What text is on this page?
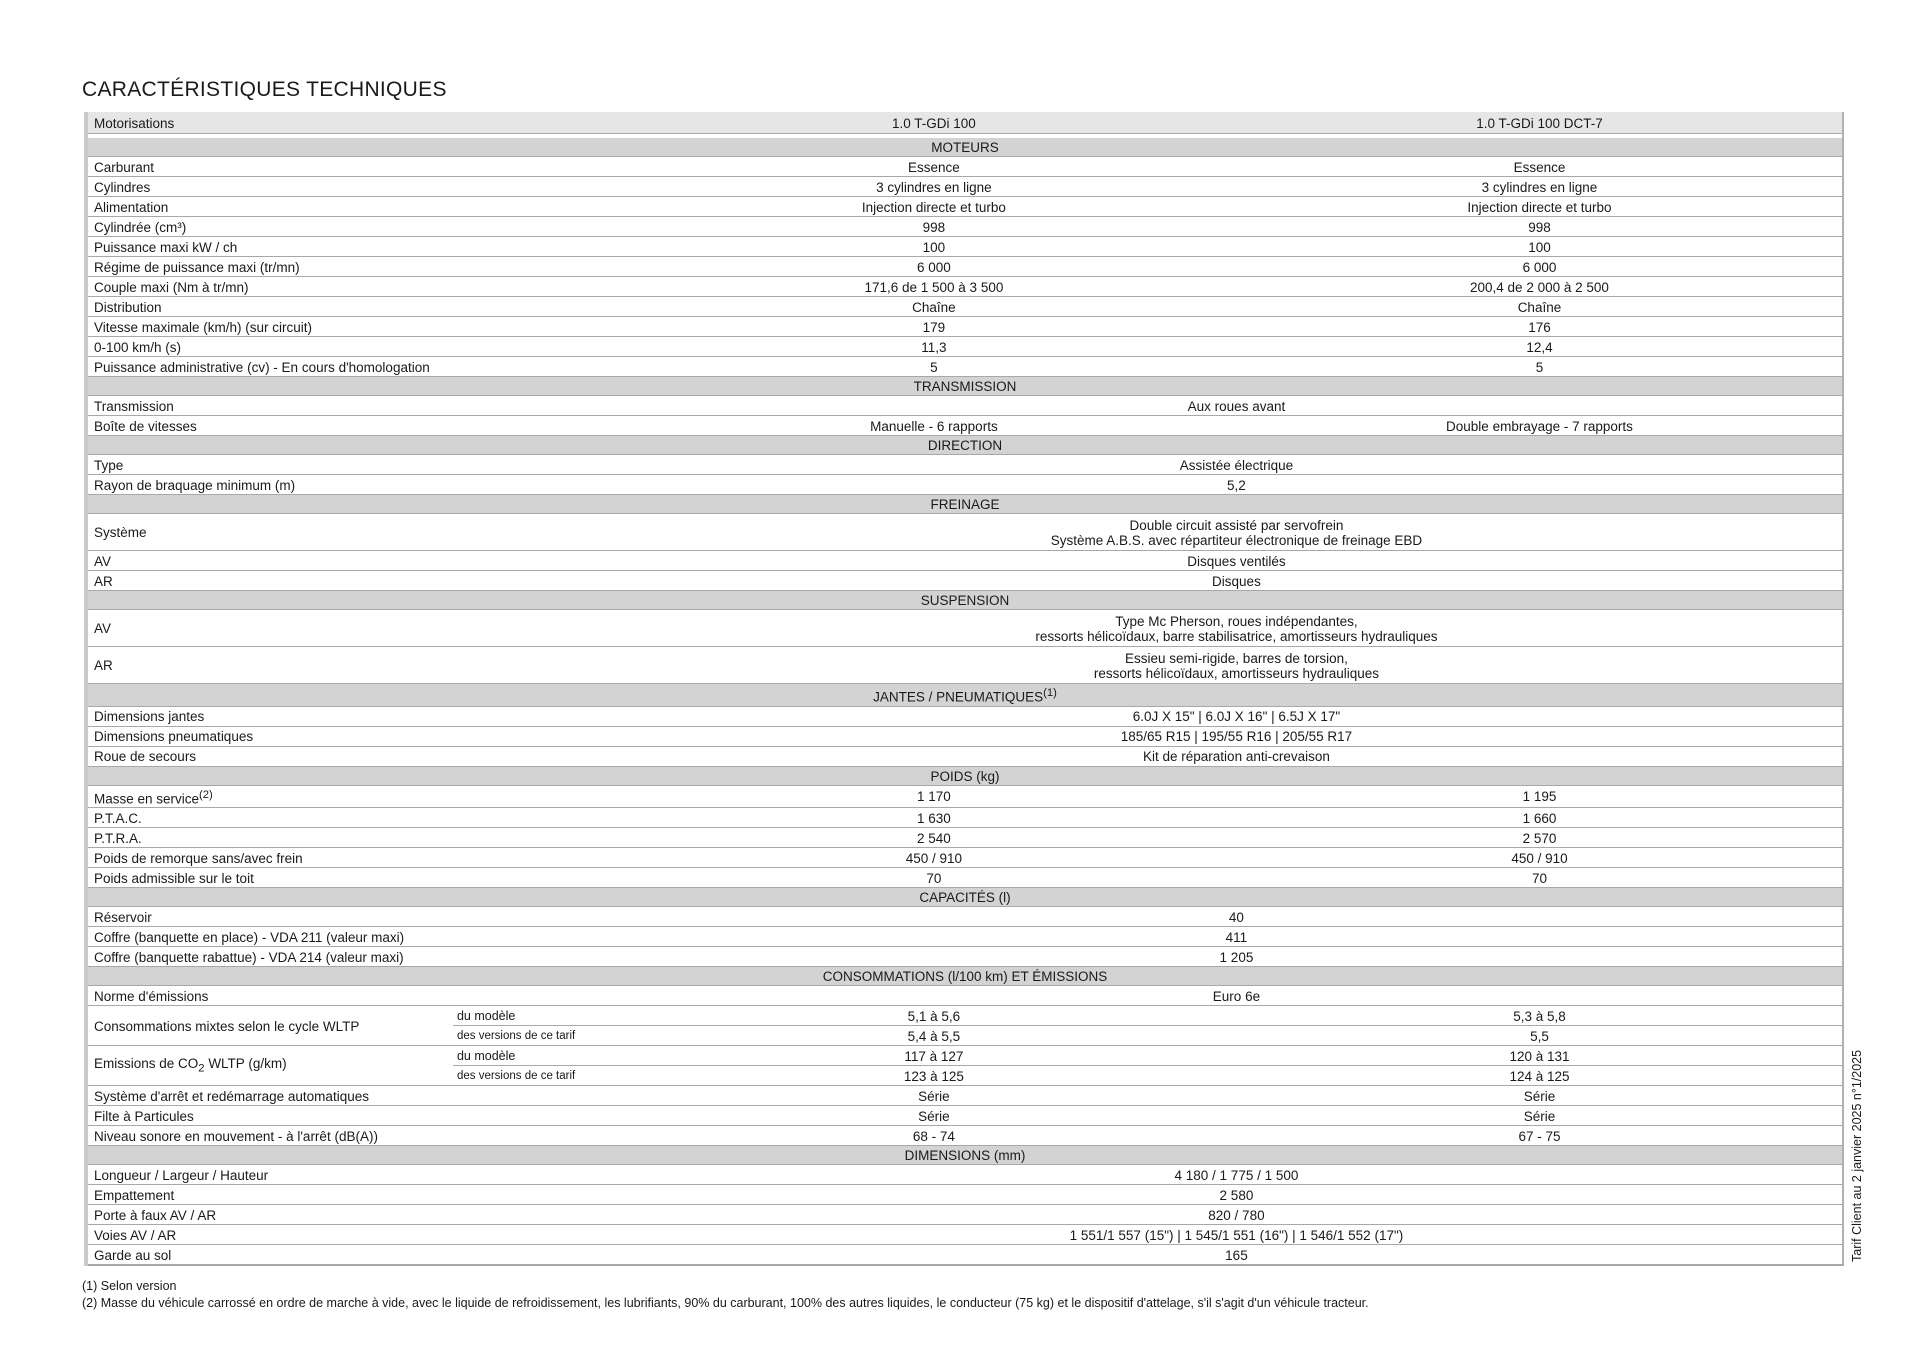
CARACTÉRISTIQUES TECHNIQUES
Motorisations		1.0 T-GDi 100	1.0 T-GDi 100 DCT-7

MOTEURS			
Carburant		Essence	Essence
Cylindres		3 cylindres en ligne	3 cylindres en ligne
Alimentation		Injection directe et turbo	Injection directe et turbo
Cylindrée (cm³)		998	998
Puissance maxi kW / ch		100	100
Régime de puissance maxi (tr/mn)		6 000	6 000
Couple maxi (Nm à tr/mn)		171,6 de 1 500 à 3 500	200,4 de 2 000 à 2 500
Distribution		Chaîne	Chaîne
Vitesse maximale (km/h) (sur circuit)		179	176
0-100 km/h (s)		11,3	12,4
Puissance administrative (cv) - En cours d'homologation		5	5
TRANSMISSION			
Transmission		Aux roues avant	
Boîte de vitesses		Manuelle - 6 rapports	Double embrayage - 7 rapports
DIRECTION			
Type		Assistée électrique	
Rayon de braquage minimum (m)		5,2	
FREINAGE			
Système		Double circuit assisté par servofrein
Système A.B.S. avec répartiteur électronique de freinage EBD	

AV		Disques ventilés	
AR		Disques	
SUSPENSION			
AV		Type Mc Pherson, roues indépendantes,
ressorts hélicoïdaux, barre stabilisatrice, amortisseurs hydrauliques	

AR		Essieu semi-rigide, barres de torsion,
ressorts hélicoïdaux, amortisseurs hydrauliques	

JANTES / PNEUMATIQUES$^{(1)}$
Dimensions jantes		6.0J X 15" | 6.0J X 16" | 6.5J X 17"	
Dimensions pneumatiques		185/65 R15 | 195/55 R16 | 205/55 R17	
Roue de secours		Kit de réparation anti-crevaison	
POIDS (kg)			
Masse en service$^{(2)}$		1 170	1 195
P.T.A.C.		1 630	1 660
P.T.R.A.		2 540	2 570
Poids de remorque sans/avec frein		450 / 910	450 / 910
Poids admissible sur le toit		70	70
CAPACITÉS (l)			
Réservoir		40	
Coffre (banquette en place) - VDA 211 (valeur maxi)		411	
Coffre (banquette rabattue) - VDA 214 (valeur maxi)		1 205	
CONSOMMATIONS (l/100 km) ET ÉMISSIONS			
Norme d'émissions		Euro 6e	
Consommations mixtes selon le cycle WLTP	du modèle	5,1 à 5,6	5,3 à 5,8
	des versions de ce tarif	5,4 à 5,5	5,5
Emissions de $CO_2$ WLTP (g/km)	du modèle	117 à 127	120 à 131
	des versions de ce tarif	123 à 125	124 à 125
Système d'arrêt et redémarrage automatiques		Série	Série
Filte à Particules		Série	Série
Niveau sonore en mouvement - à l'arrêt (dB(A))		68 - 74	67 - 75
DIMENSIONS (mm)			
Longueur / Largeur / Hauteur		4 180 / 1 775 / 1 500	
Empattement		2 580	
Porte à faux AV / AR		820 / 780	
Voies AV / AR		1 551/1 557 (15") | 1 545/1 551 (16") | 1 546/1 552 (17")	
Garde au sol		165		Tarif Client au 2 janvier 2025 n°1/2025
(1) Selon version
(2) Masse du véhicule carrossé en ordre de marche à vide, avec le liquide de refroidissement, les lubrifiants, 90% du carburant, 100% des autres liquides, le conducteur (75 kg) et le dispositif d'attelage, s'il s'agit d'un véhicule tracteur.
